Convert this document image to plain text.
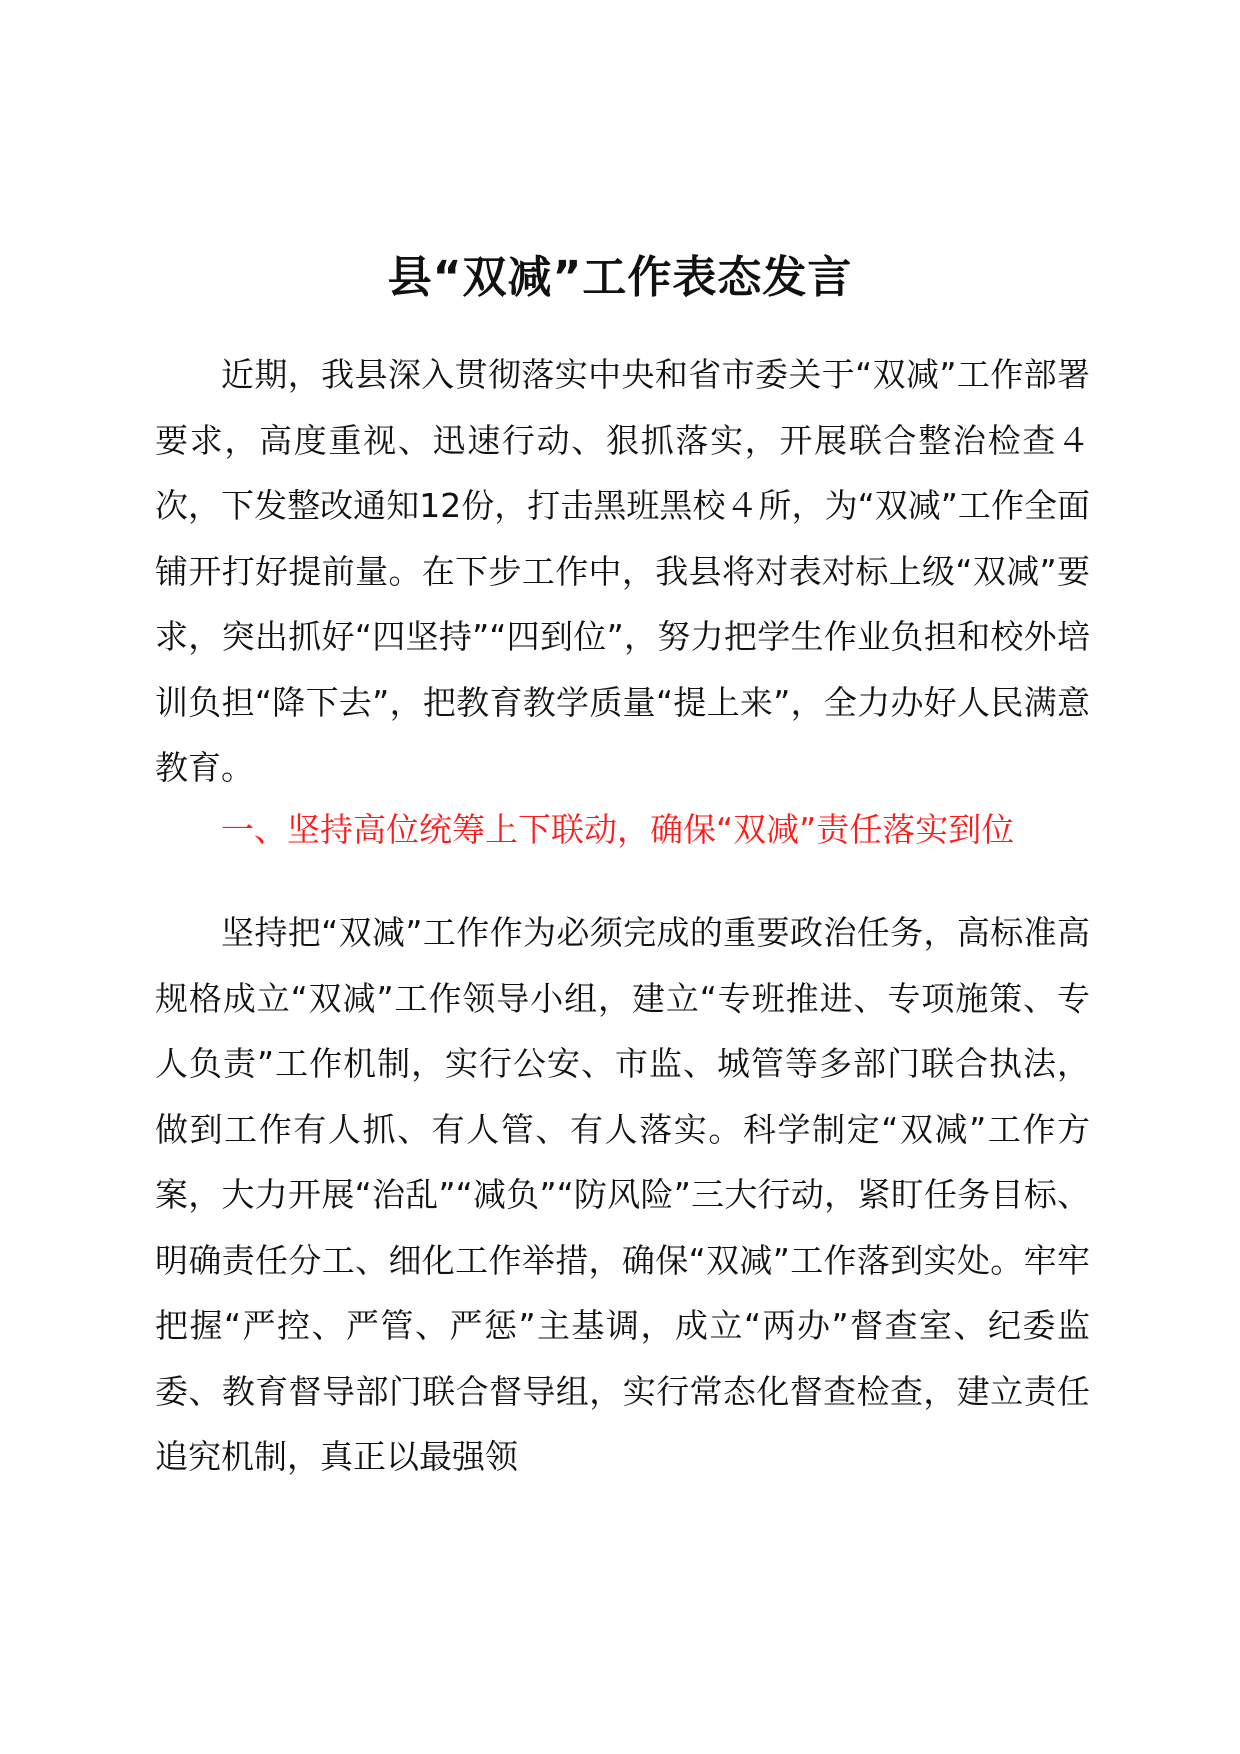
县“双减”工作表态发言

近期，我县深入贯彻落实中央和省市委关于“双减”工作部署要求，高度重视、迅速行动、狠抓落实，开展联合整治检查４次，下发整改通知12份，打击黑班黑校４所，为“双减”工作全面铺开打好提前量。在下步工作中，我县将对表对标上级“双减”要求，突出抓好“四坚持”“四到位”，努力把学生作业负担和校外培训负担“降下去”，把教育教学质量“提上来”，全力办好人民满意教育。

一、坚持高位统筹上下联动，确保“双减”责任落实到位

坚持把“双减”工作作为必须完成的重要政治任务，高标准高规格成立“双减”工作领导小组，建立“专班推进、专项施策、专人负责”工作机制，实行公安、市监、城管等多部门联合执法，做到工作有人抓、有人管、有人落实。科学制定“双减”工作方案，大力开展“治乱”“减负”“防风险”三大行动，紧盯任务目标、明确责任分工、细化工作举措，确保“双减”工作落到实处。牢牢把握“严控、严管、严惩”主基调，成立“两办”督查室、纪委监委、教育督导部门联合督导组，实行常态化督查检查，建立责任追究机制，真正以最强领
